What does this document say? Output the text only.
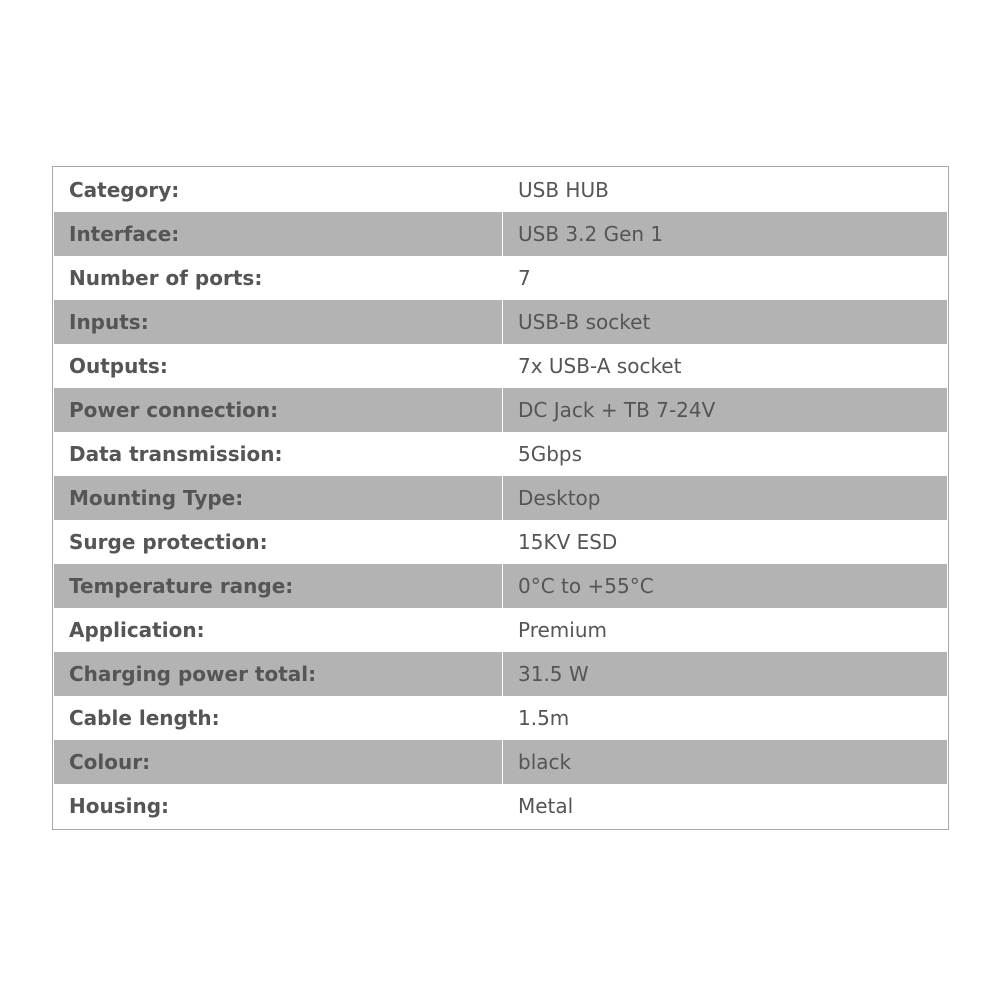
Category:	USB HUB
Interface:	USB 3.2 Gen 1
Number of ports:	7
Inputs:	USB-B socket
Outputs:	7x USB-A socket
Power connection:	DC Jack + TB 7-24V
Data transmission:	5Gbps
Mounting Type:	Desktop
Surge protection:	15KV ESD
Temperature range:	0°C to +55°C
Application:	Premium
Charging power total:	31.5 W
Cable length:	1.5m
Colour:	black
Housing:	Metal
